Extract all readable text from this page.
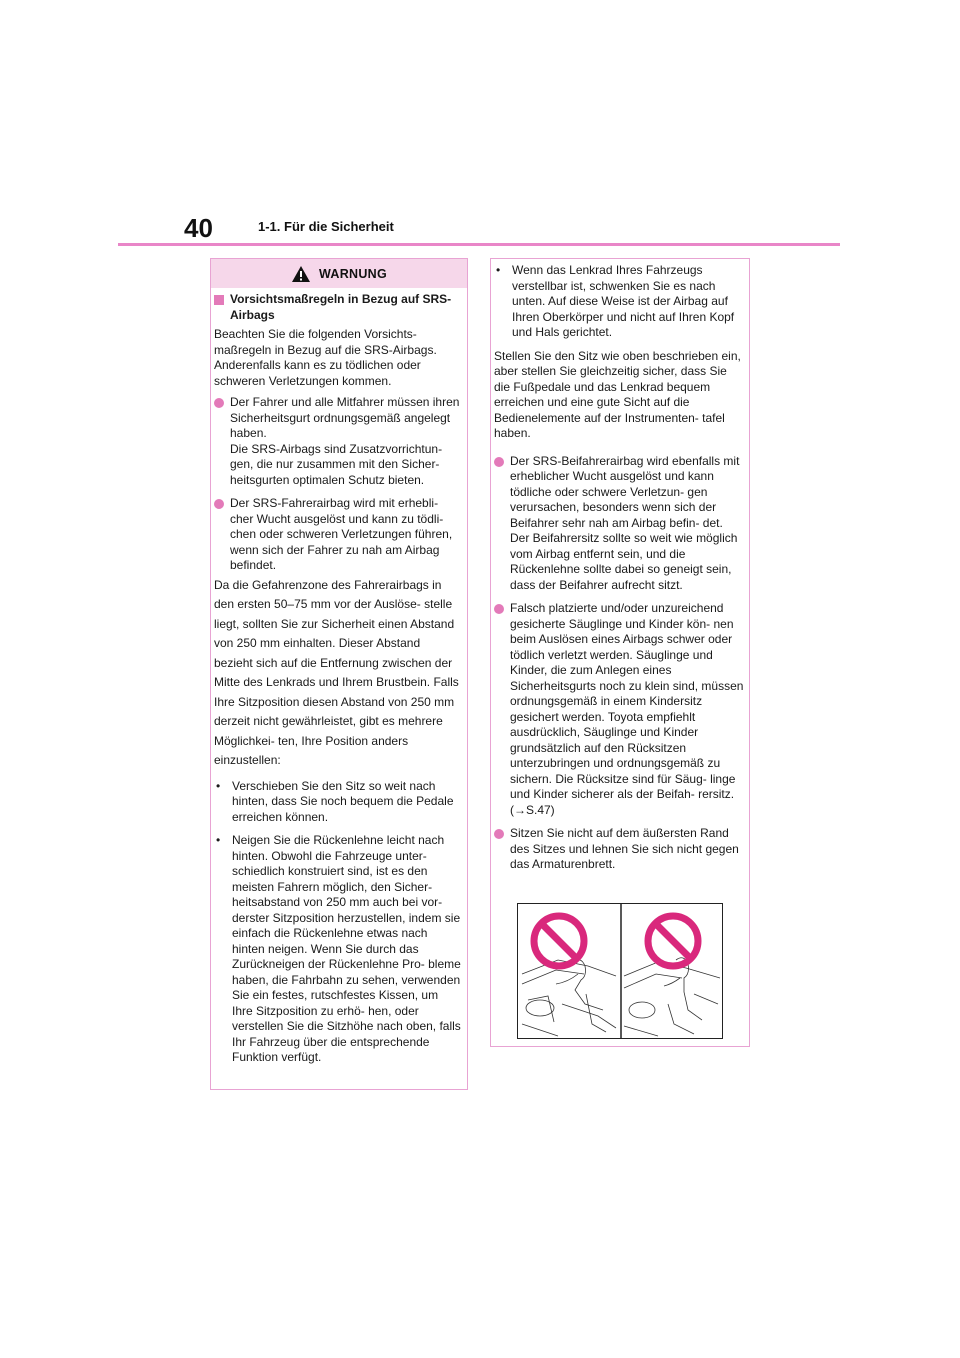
40	1-1. Für die Sicherheit
WARNUNG
Vorsichtsmaßregeln in Bezug auf SRS-Airbags

Beachten Sie die folgenden Vorsichts- maßregeln in Bezug auf die SRS-Airbags. Anderenfalls kann es zu tödlichen oder schweren Verletzungen kommen.

Der Fahrer und alle Mitfahrer müssen ihren Sicherheitsgurt ordnungsgemäß angelegt haben.
Die SRS-Airbags sind Zusatzvorrichtun- gen, die nur zusammen mit den Sicher- heitsgurten optimalen Schutz bieten.
Der SRS-Fahrerairbag wird mit erhebli- cher Wucht ausgelöst und kann zu tödli- chen oder schweren Verletzungen führen, wenn sich der Fahrer zu nah am Airbag befindet.

Da die Gefahrenzone des Fahrerairbags in den ersten 50–75 mm vor der Auslöse- stelle liegt, sollten Sie zur Sicherheit einen Abstand von 250 mm einhalten. Dieser Abstand bezieht sich auf die Entfernung zwischen der Mitte des Lenkrads und Ihrem Brustbein. Falls Ihre Sitzposition diesen Abstand von 250 mm derzeit nicht gewährleistet, gibt es mehrere Möglichkei- ten, Ihre Position anders einzustellen:

• Verschieben Sie den Sitz so weit nach hinten, dass Sie noch bequem die Pedale erreichen können.
• Neigen Sie die Rückenlehne leicht nach hinten. Obwohl die Fahrzeuge unter- schiedlich konstruiert sind, ist es den meisten Fahrern möglich, den Sicher- heitsabstand von 250 mm auch bei vor- derster Sitzposition herzustellen, indem sie einfach die Rückenlehne etwas nach hinten neigen. Wenn Sie durch das Zurückneigen der Rückenlehne Pro- bleme haben, die Fahrbahn zu sehen, verwenden Sie ein festes, rutschfestes Kissen, um Ihre Sitzposition zu erhö- hen, oder verstellen Sie die Sitzhöhe nach oben, falls Ihr Fahrzeug über die entsprechende Funktion verfügt.
• Wenn das Lenkrad Ihres Fahrzeugs verstellbar ist, schwenken Sie es nach unten. Auf diese Weise ist der Airbag auf Ihren Oberkörper und nicht auf Ihren Kopf und Hals gerichtet.

Stellen Sie den Sitz wie oben beschrieben ein, aber stellen Sie gleichzeitig sicher, dass Sie die Fußpedale und das Lenkrad bequem erreichen und eine gute Sicht auf die Bedienelemente auf der Instrumenten- tafel haben.

Der SRS-Beifahrerairbag wird ebenfalls mit erheblicher Wucht ausgelöst und kann tödliche oder schwere Verletzun- gen verursachen, besonders wenn sich der Beifahrer sehr nah am Airbag befin- det. Der Beifahrersitz sollte so weit wie möglich vom Airbag entfernt sein, und die Rückenlehne sollte dabei so geneigt sein, dass der Beifahrer aufrecht sitzt.
Falsch platzierte und/oder unzureichend gesicherte Säuglinge und Kinder kön- nen beim Auslösen eines Airbags schwer oder tödlich verletzt werden. Säuglinge und Kinder, die zum Anlegen eines Sicherheitsgurts noch zu klein sind, müssen ordnungsgemäß in einem Kindersitz gesichert werden. Toyota empfiehlt ausdrücklich, Säuglinge und Kinder grundsätzlich auf den Rücksitzen unterzubringen und ordnungsgemäß zu sichern. Die Rücksitze sind für Säug- linge und Kinder sicherer als der Beifah- rersitz. (→S.47)
Sitzen Sie nicht auf dem äußersten Rand des Sitzes und lehnen Sie sich nicht gegen das Armaturenbrett.
